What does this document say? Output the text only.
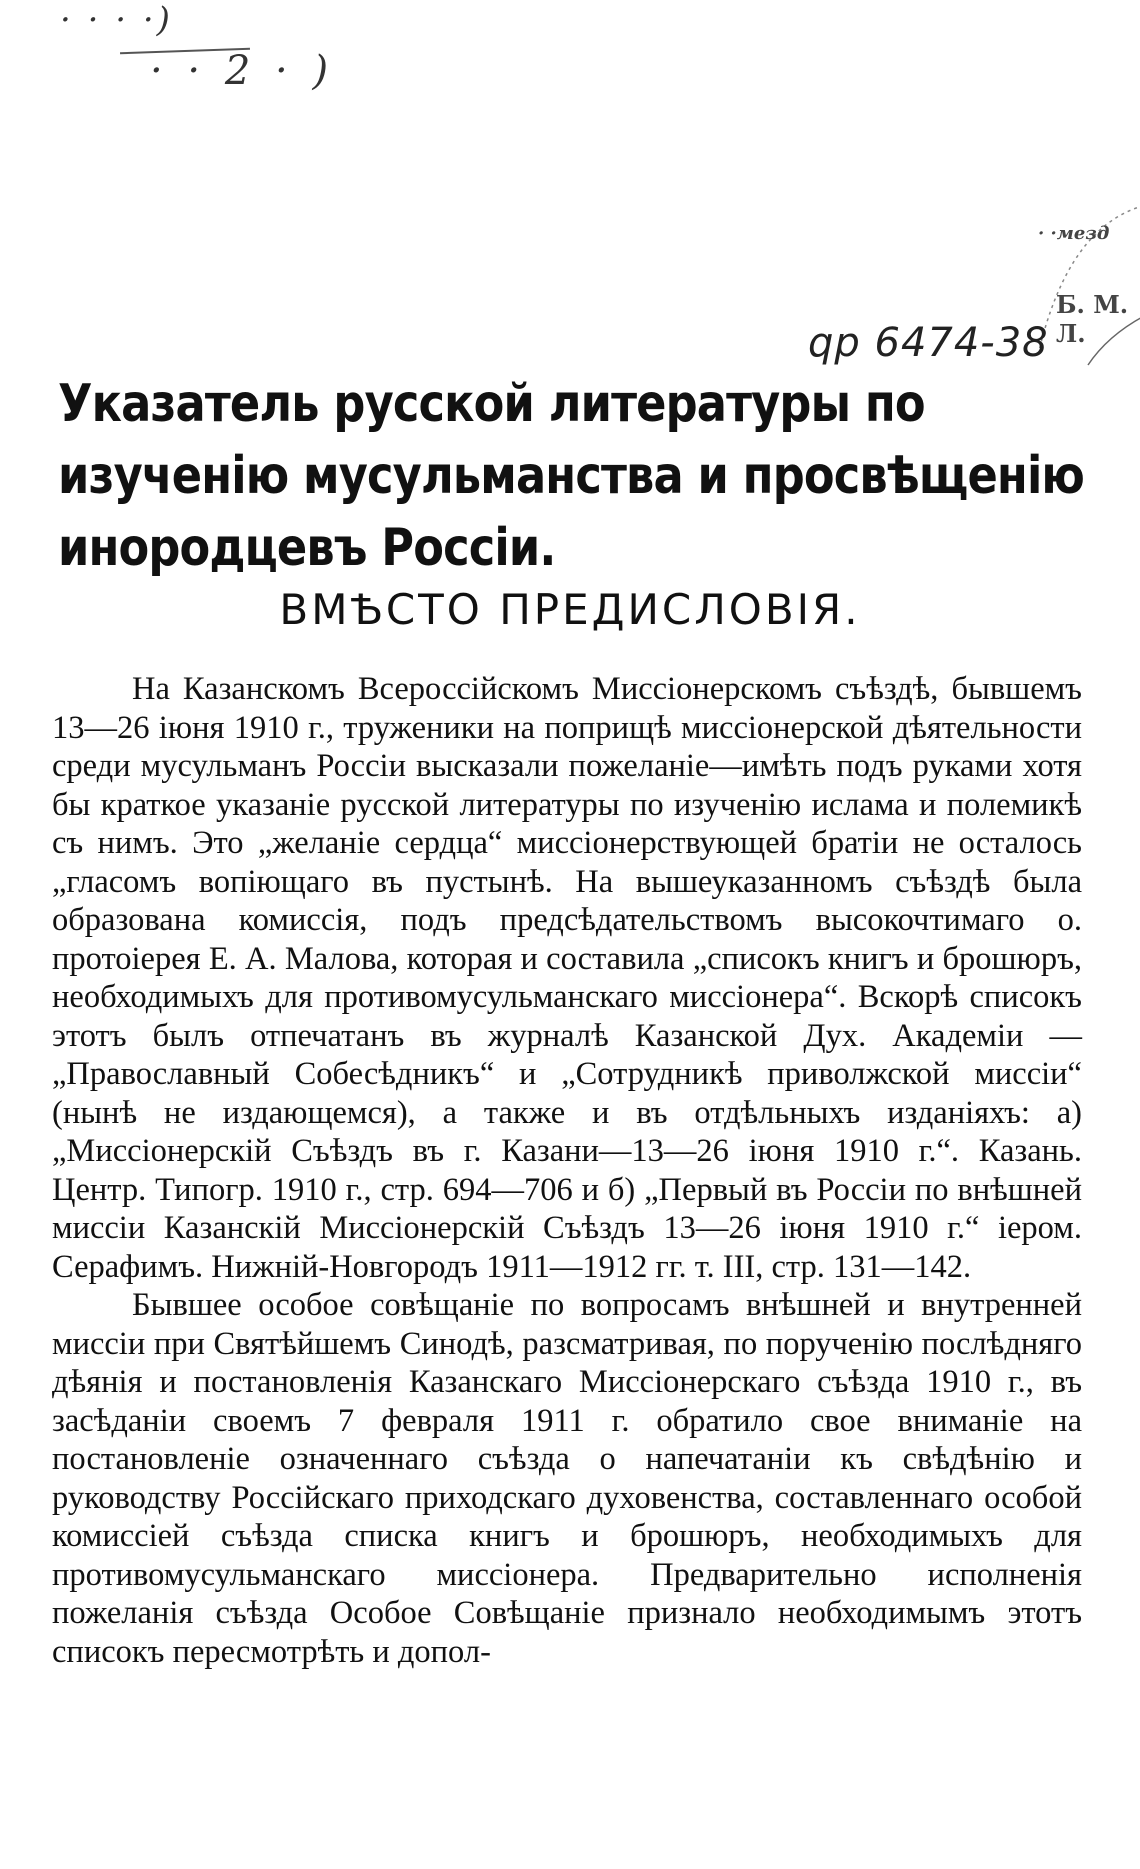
· · · ·)
· · 2 · )
· ·мезд
Б. М. Л.
qp 6474-38
Указатель русской литературы по изученію мусульманства и просвѣщенію инородцевъ Россіи.
ВМѢСТО ПРЕДИСЛОВІЯ.

На Казанскомъ Всероссійскомъ Миссіонерскомъ съѣздѣ, бывшемъ 13—26 іюня 1910 г., труженики на поприщѣ миссіонерской дѣятельности среди мусульманъ Россіи высказали пожеланіе—имѣть подъ руками хотя бы краткое указаніе русской литературы по изученію ислама и полемикѣ съ нимъ. Это „желаніе сердца“ миссіонерствующей братіи не осталось „гласомъ вопіющаго въ пустынѣ. На вышеуказанномъ съѣздѣ была образована комиссія, подъ предсѣдательствомъ высокочтимаго о. протоіерея Е. А. Малова, которая и составила „списокъ книгъ и брошюръ, необходимыхъ для противомусульманскаго миссіонера“. Вскорѣ списокъ этотъ былъ отпечатанъ въ журналѣ Казанской Дух. Академіи — „Православный Собесѣдникъ“ и „Сотрудникѣ приволжской миссіи“ (нынѣ не издающемся), а также и въ отдѣльныхъ изданіяхъ: а) „Миссіонерскій Съѣздъ въ г. Казани—13—26 іюня 1910 г.“. Казань. Центр. Типогр. 1910 г., стр. 694—706 и б) „Первый въ Россіи по внѣшней миссіи Казанскій Миссіонерскій Съѣздъ 13—26 іюня 1910 г.“ іером. Серафимъ. Нижній-Новгородъ 1911—1912 гг. т. III, стр. 131—142.

Бывшее особое совѣщаніе по вопросамъ внѣшней и внутренней миссіи при Святѣйшемъ Синодѣ, разсматривая, по порученію послѣдняго дѣянія и постановленія Казанскаго Миссіонерскаго съѣзда 1910 г., въ засѣданіи своемъ 7 февраля 1911 г. обратило свое вниманіе на постановленіе означеннаго съѣзда о напечатаніи къ свѣдѣнію и руководству Россійскаго приходскаго духовенства, составленнаго особой комиссіей съѣзда списка книгъ и брошюръ, необходимыхъ для противомусульманскаго миссіонера. Предварительно исполненія пожеланія съѣзда Особое Совѣщаніе признало необходимымъ этотъ списокъ пересмотрѣть и допол-
